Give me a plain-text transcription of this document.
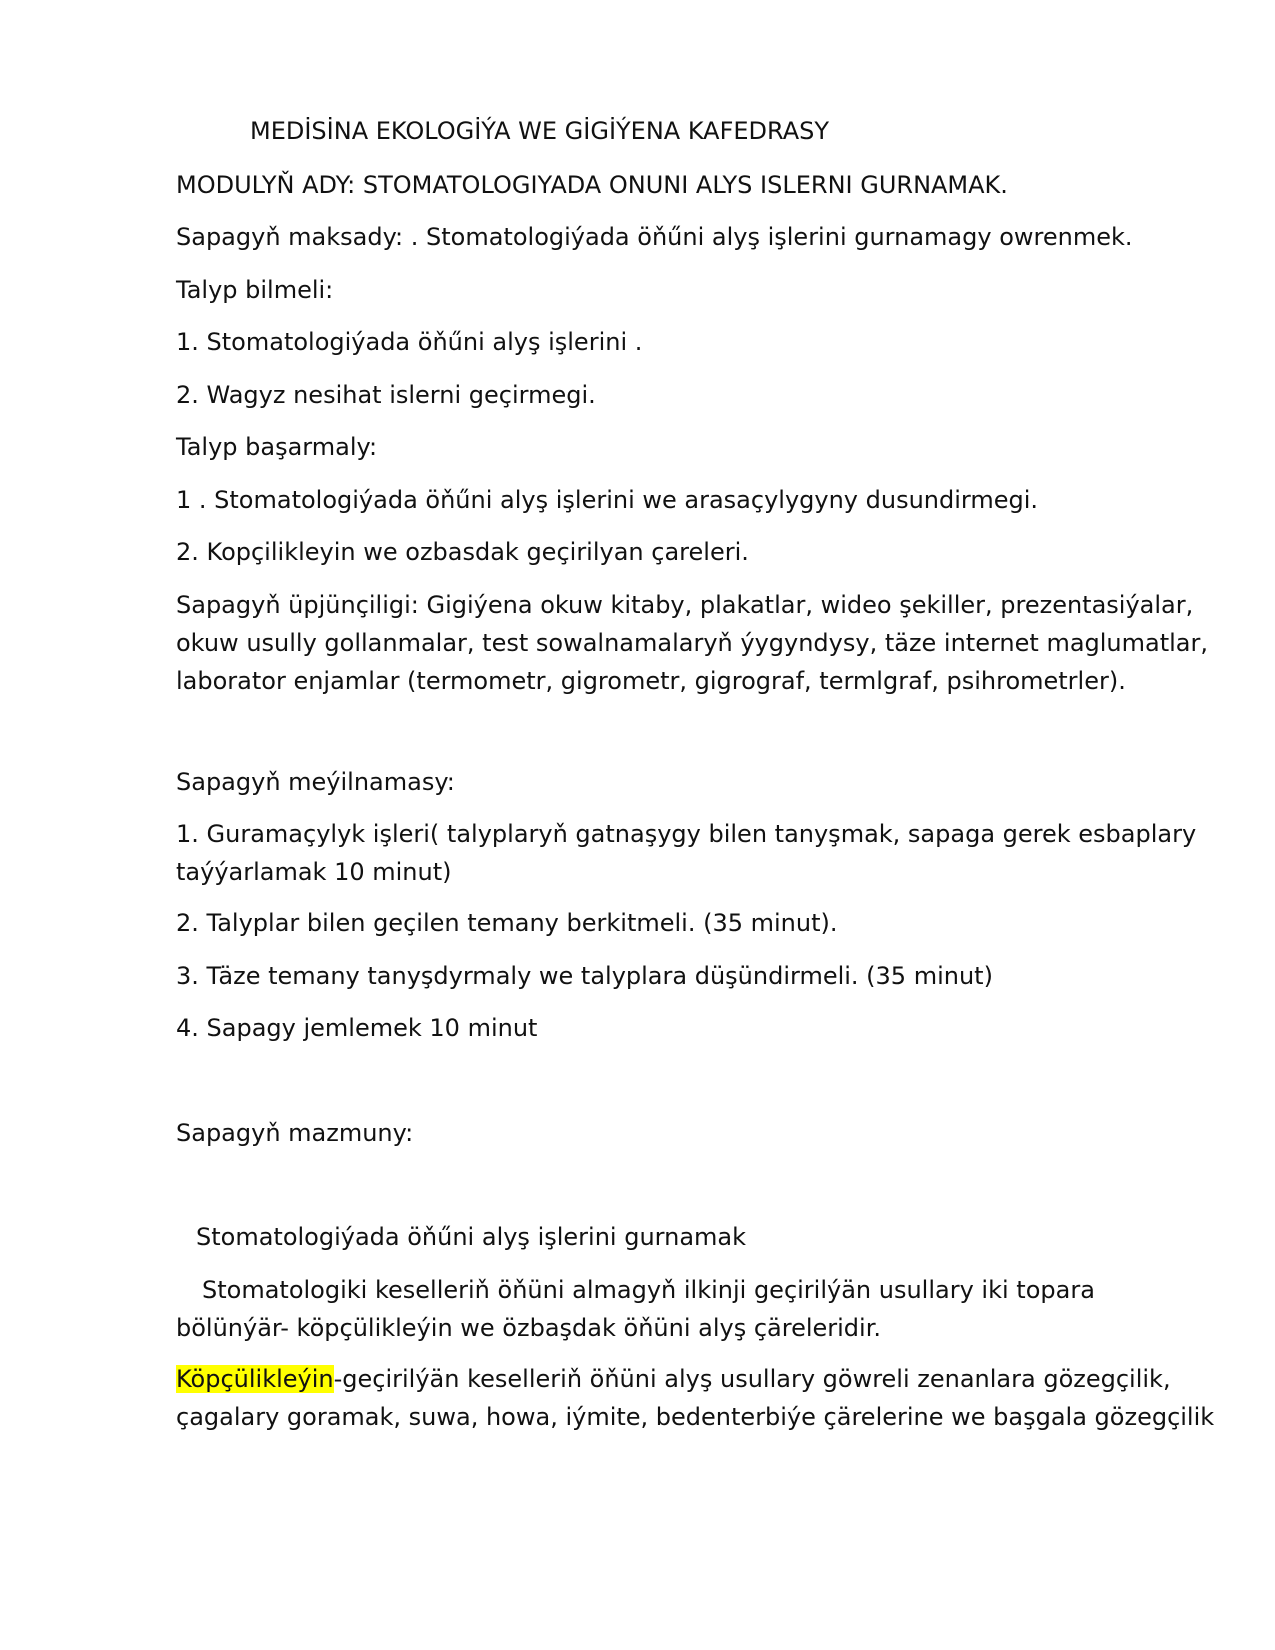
MEDİSİNA EKOLOGİÝA WE GİGİÝENA KAFEDRASY
MODULYŇ ADY: STOMATOLOGIYADA ONUNI ALYS ISLERNI GURNAMAK.
Sapagyň maksady: . Stomatologiýada öňűni alyş işlerini gurnamagy owrenmek.
Talyp bilmeli:
1. Stomatologiýada öňűni alyş işlerini .
2. Wagyz nesihat islerni geçirmegi.
Talyp başarmaly:
1 . Stomatologiýada öňűni alyş işlerini we arasaçylygyny dusundirmegi.
2. Kopçilikleyin we ozbasdak geçirilyan çareleri.
Sapagyň üpjünçiligi: Gigiýena okuw kitaby, plakatlar, wideo şekiller, prezentasiýalar,
okuw usully gollanmalar, test sowalnamalaryň ýygyndysy, täze internet maglumatlar,
laborator enjamlar (termometr, gigrometr, gigrograf, termlgraf, psihrometrler).
Sapagyň meýilnamasy:
1. Guramaçylyk işleri( talyplaryň gatnaşygy bilen tanyşmak, sapaga gerek esbaplary
taýýarlamak 10 minut)
2. Talyplar bilen geçilen temany berkitmeli. (35 minut).
3. Täze temany tanyşdyrmaly we talyplara düşündirmeli. (35 minut)
4. Sapagy jemlemek 10 minut
Sapagyň mazmuny:
Stomatologiýada öňűni alyş işlerini gurnamak
Stomatologiki keselleriň öňüni almagyň ilkinji geçirilýän usullary iki topara
bölünýär- köpçülikleýin we özbaşdak öňüni alyş çäreleridir.
Köpçülikleýin-geçirilýän keselleriň öňüni alyş usullary göwreli zenanlara gözegçilik,
çagalary goramak, suwa, howa, iýmite, bedenterbiýe çärelerine we başgala gözegçilik
